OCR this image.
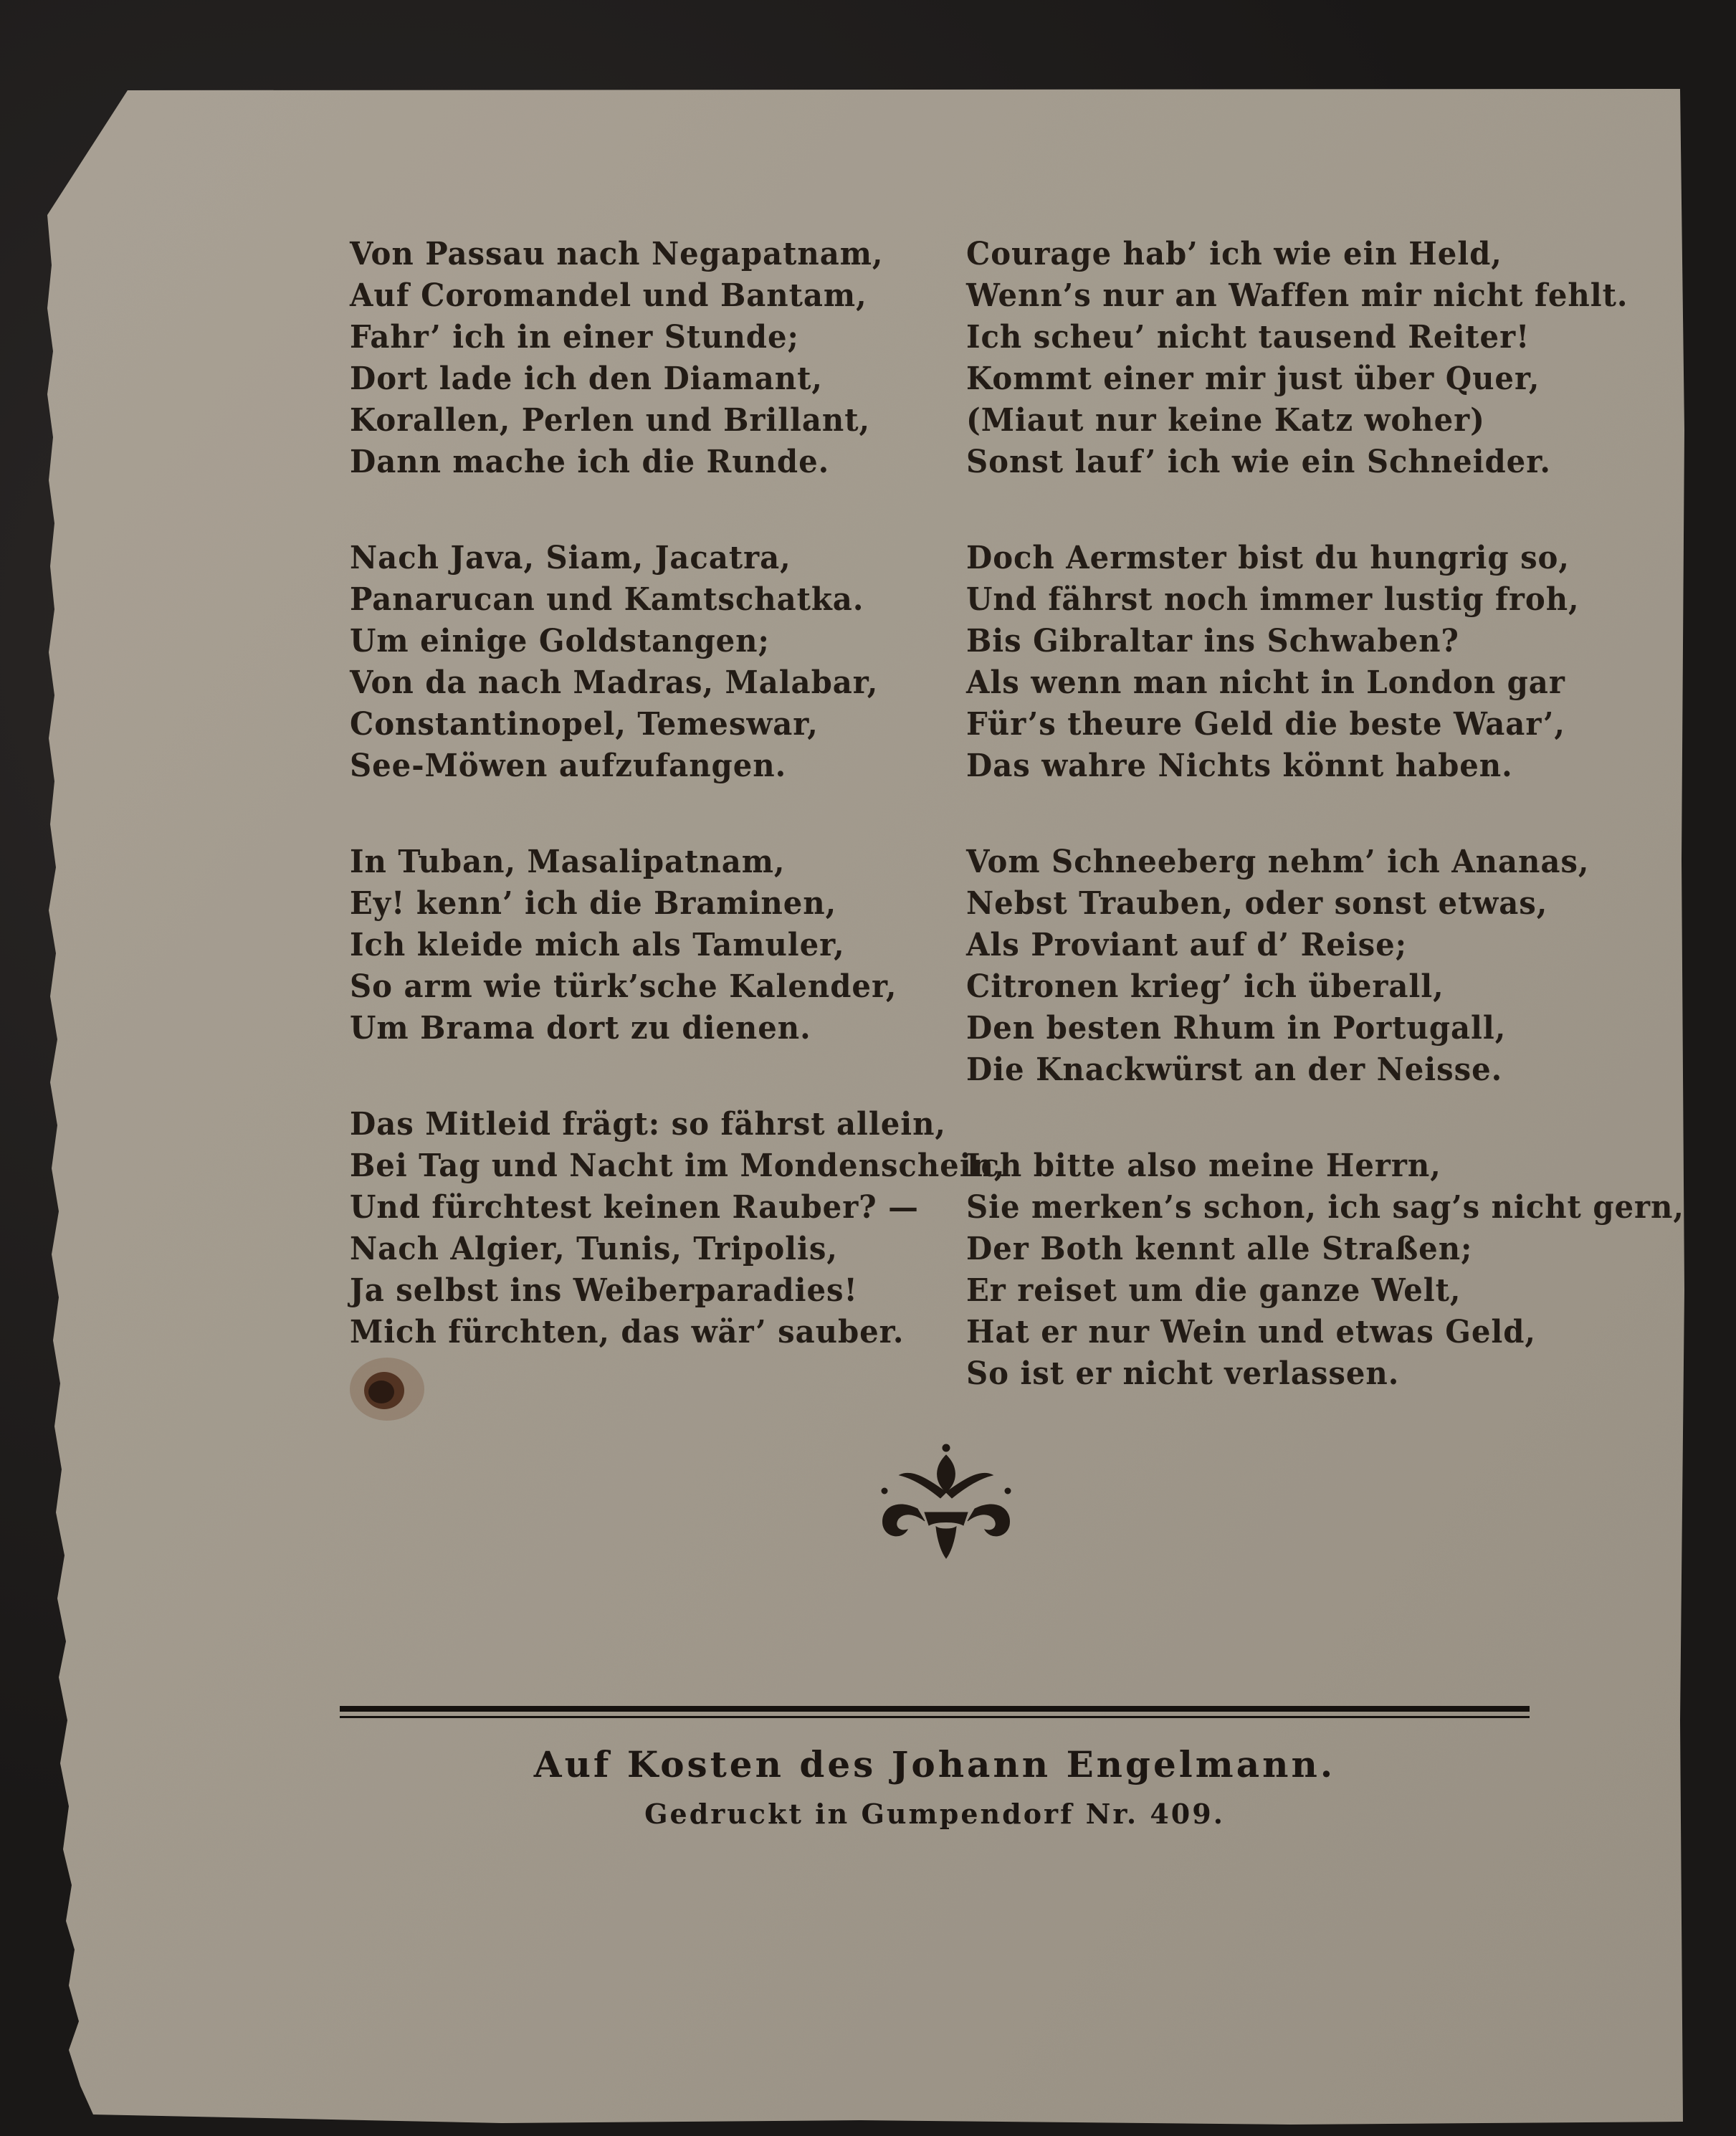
Von Passau nach Negapatnam,
Auf Coromandel und Bantam,
Fahr’ ich in einer Stunde;
Dort lade ich den Diamant,
Korallen, Perlen und Brillant,
Dann mache ich die Runde.
Nach Java, Siam, Jacatra,
Panarucan und Kamtschatka.
Um einige Goldstangen;
Von da nach Madras, Malabar,
Constantinopel, Temeswar,
See-Möwen aufzufangen.
In Tuban, Masalipatnam,
Ey! kenn’ ich die Braminen,
Ich kleide mich als Tamuler,
So arm wie türk’sche Kalender,
Um Brama dort zu dienen.
Das Mitleid frägt: so fährst allein,
Bei Tag und Nacht im Mondenschein,
Und fürchtest keinen Rauber? —
Nach Algier, Tunis, Tripolis,
Ja selbst ins Weiberparadies!
Mich fürchten, das wär’ sauber.
Courage hab’ ich wie ein Held,
Wenn’s nur an Waffen mir nicht fehlt.
Ich scheu’ nicht tausend Reiter!
Kommt einer mir just über Quer,
(Miaut nur keine Katz woher)
Sonst lauf’ ich wie ein Schneider.
Doch Aermster bist du hungrig so,
Und fährst noch immer lustig froh,
Bis Gibraltar ins Schwaben?
Als wenn man nicht in London gar
Für’s theure Geld die beste Waar’,
Das wahre Nichts könnt haben.
Vom Schneeberg nehm’ ich Ananas,
Nebst Trauben, oder sonst etwas,
Als Proviant auf d’ Reise;
Citronen krieg’ ich überall,
Den besten Rhum in Portugall,
Die Knackwürst an der Neisse.
Ich bitte also meine Herrn,
Sie merken’s schon, ich sag’s nicht gern,
Der Both kennt alle Straßen;
Er reiset um die ganze Welt,
Hat er nur Wein und etwas Geld,
So ist er nicht verlassen.
Auf Kosten des Johann Engelmann.
Gedruckt in Gumpendorf Nr. 409.
